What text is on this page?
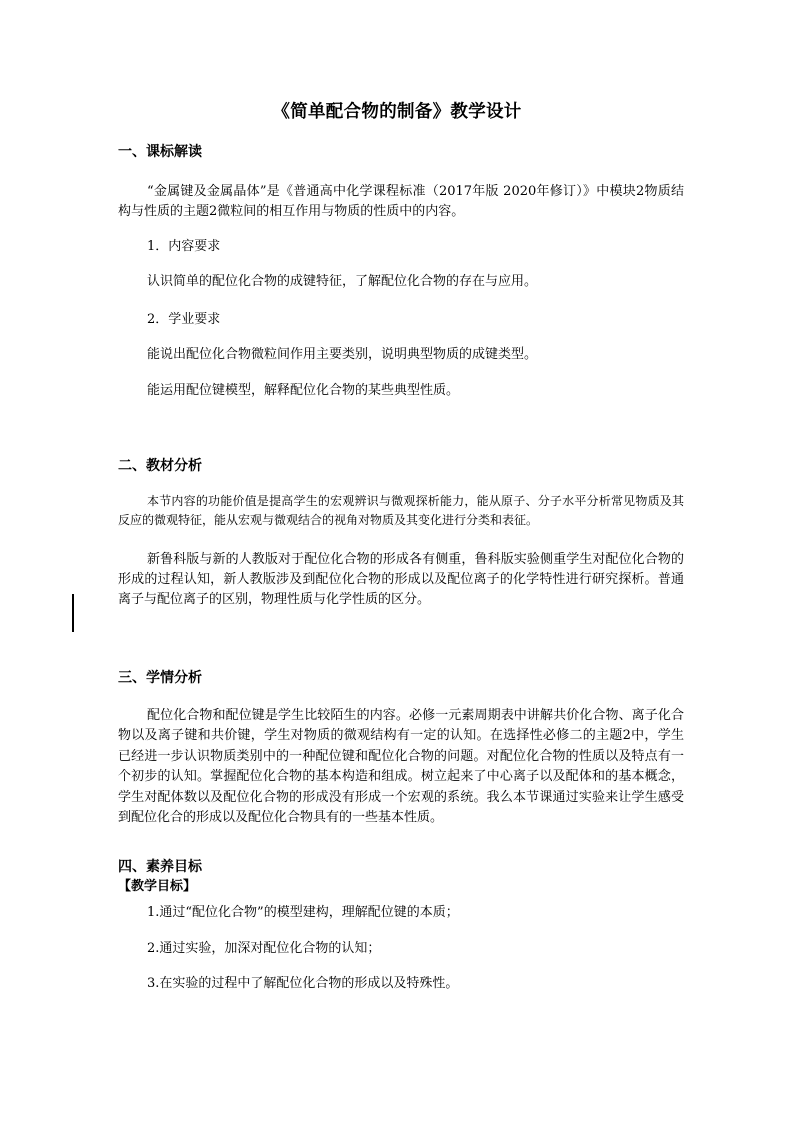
《简单配合物的制备》教学设计
一、课标解读
“金属键及金属晶体”是《普通高中化学课程标准（2017年版 2020年修订）》中模块2物质结构与性质的主题2微粒间的相互作用与物质的性质中的内容。
1．内容要求
认识简单的配位化合物的成键特征，了解配位化合物的存在与应用。
2．学业要求
能说出配位化合物微粒间作用主要类别，说明典型物质的成键类型。
能运用配位键模型，解释配位化合物的某些典型性质。
二、教材分析
本节内容的功能价值是提高学生的宏观辨识与微观探析能力，能从原子、分子水平分析常见物质及其反应的微观特征，能从宏观与微观结合的视角对物质及其变化进行分类和表征。
新鲁科版与新的人教版对于配位化合物的形成各有侧重，鲁科版实验侧重学生对配位化合物的形成的过程认知，新人教版涉及到配位化合物的形成以及配位离子的化学特性进行研究探析。普通离子与配位离子的区别，物理性质与化学性质的区分。
三、学情分析
配位化合物和配位键是学生比较陌生的内容。必修一元素周期表中讲解共价化合物、离子化合物以及离子键和共价键，学生对物质的微观结构有一定的认知。在选择性必修二的主题2中，学生已经进一步认识物质类别中的一种配位键和配位化合物的问题。对配位化合物的性质以及特点有一个初步的认知。掌握配位化合物的基本构造和组成。树立起来了中心离子以及配体和的基本概念，学生对配体数以及配位化合物的形成没有形成一个宏观的系统。我么本节课通过实验来让学生感受到配位化合的形成以及配位化合物具有的一些基本性质。
四、素养目标
【教学目标】
1.通过“配位化合物”的模型建构，理解配位键的本质；
2.通过实验，加深对配位化合物的认知；
3.在实验的过程中了解配位化合物的形成以及特殊性。
